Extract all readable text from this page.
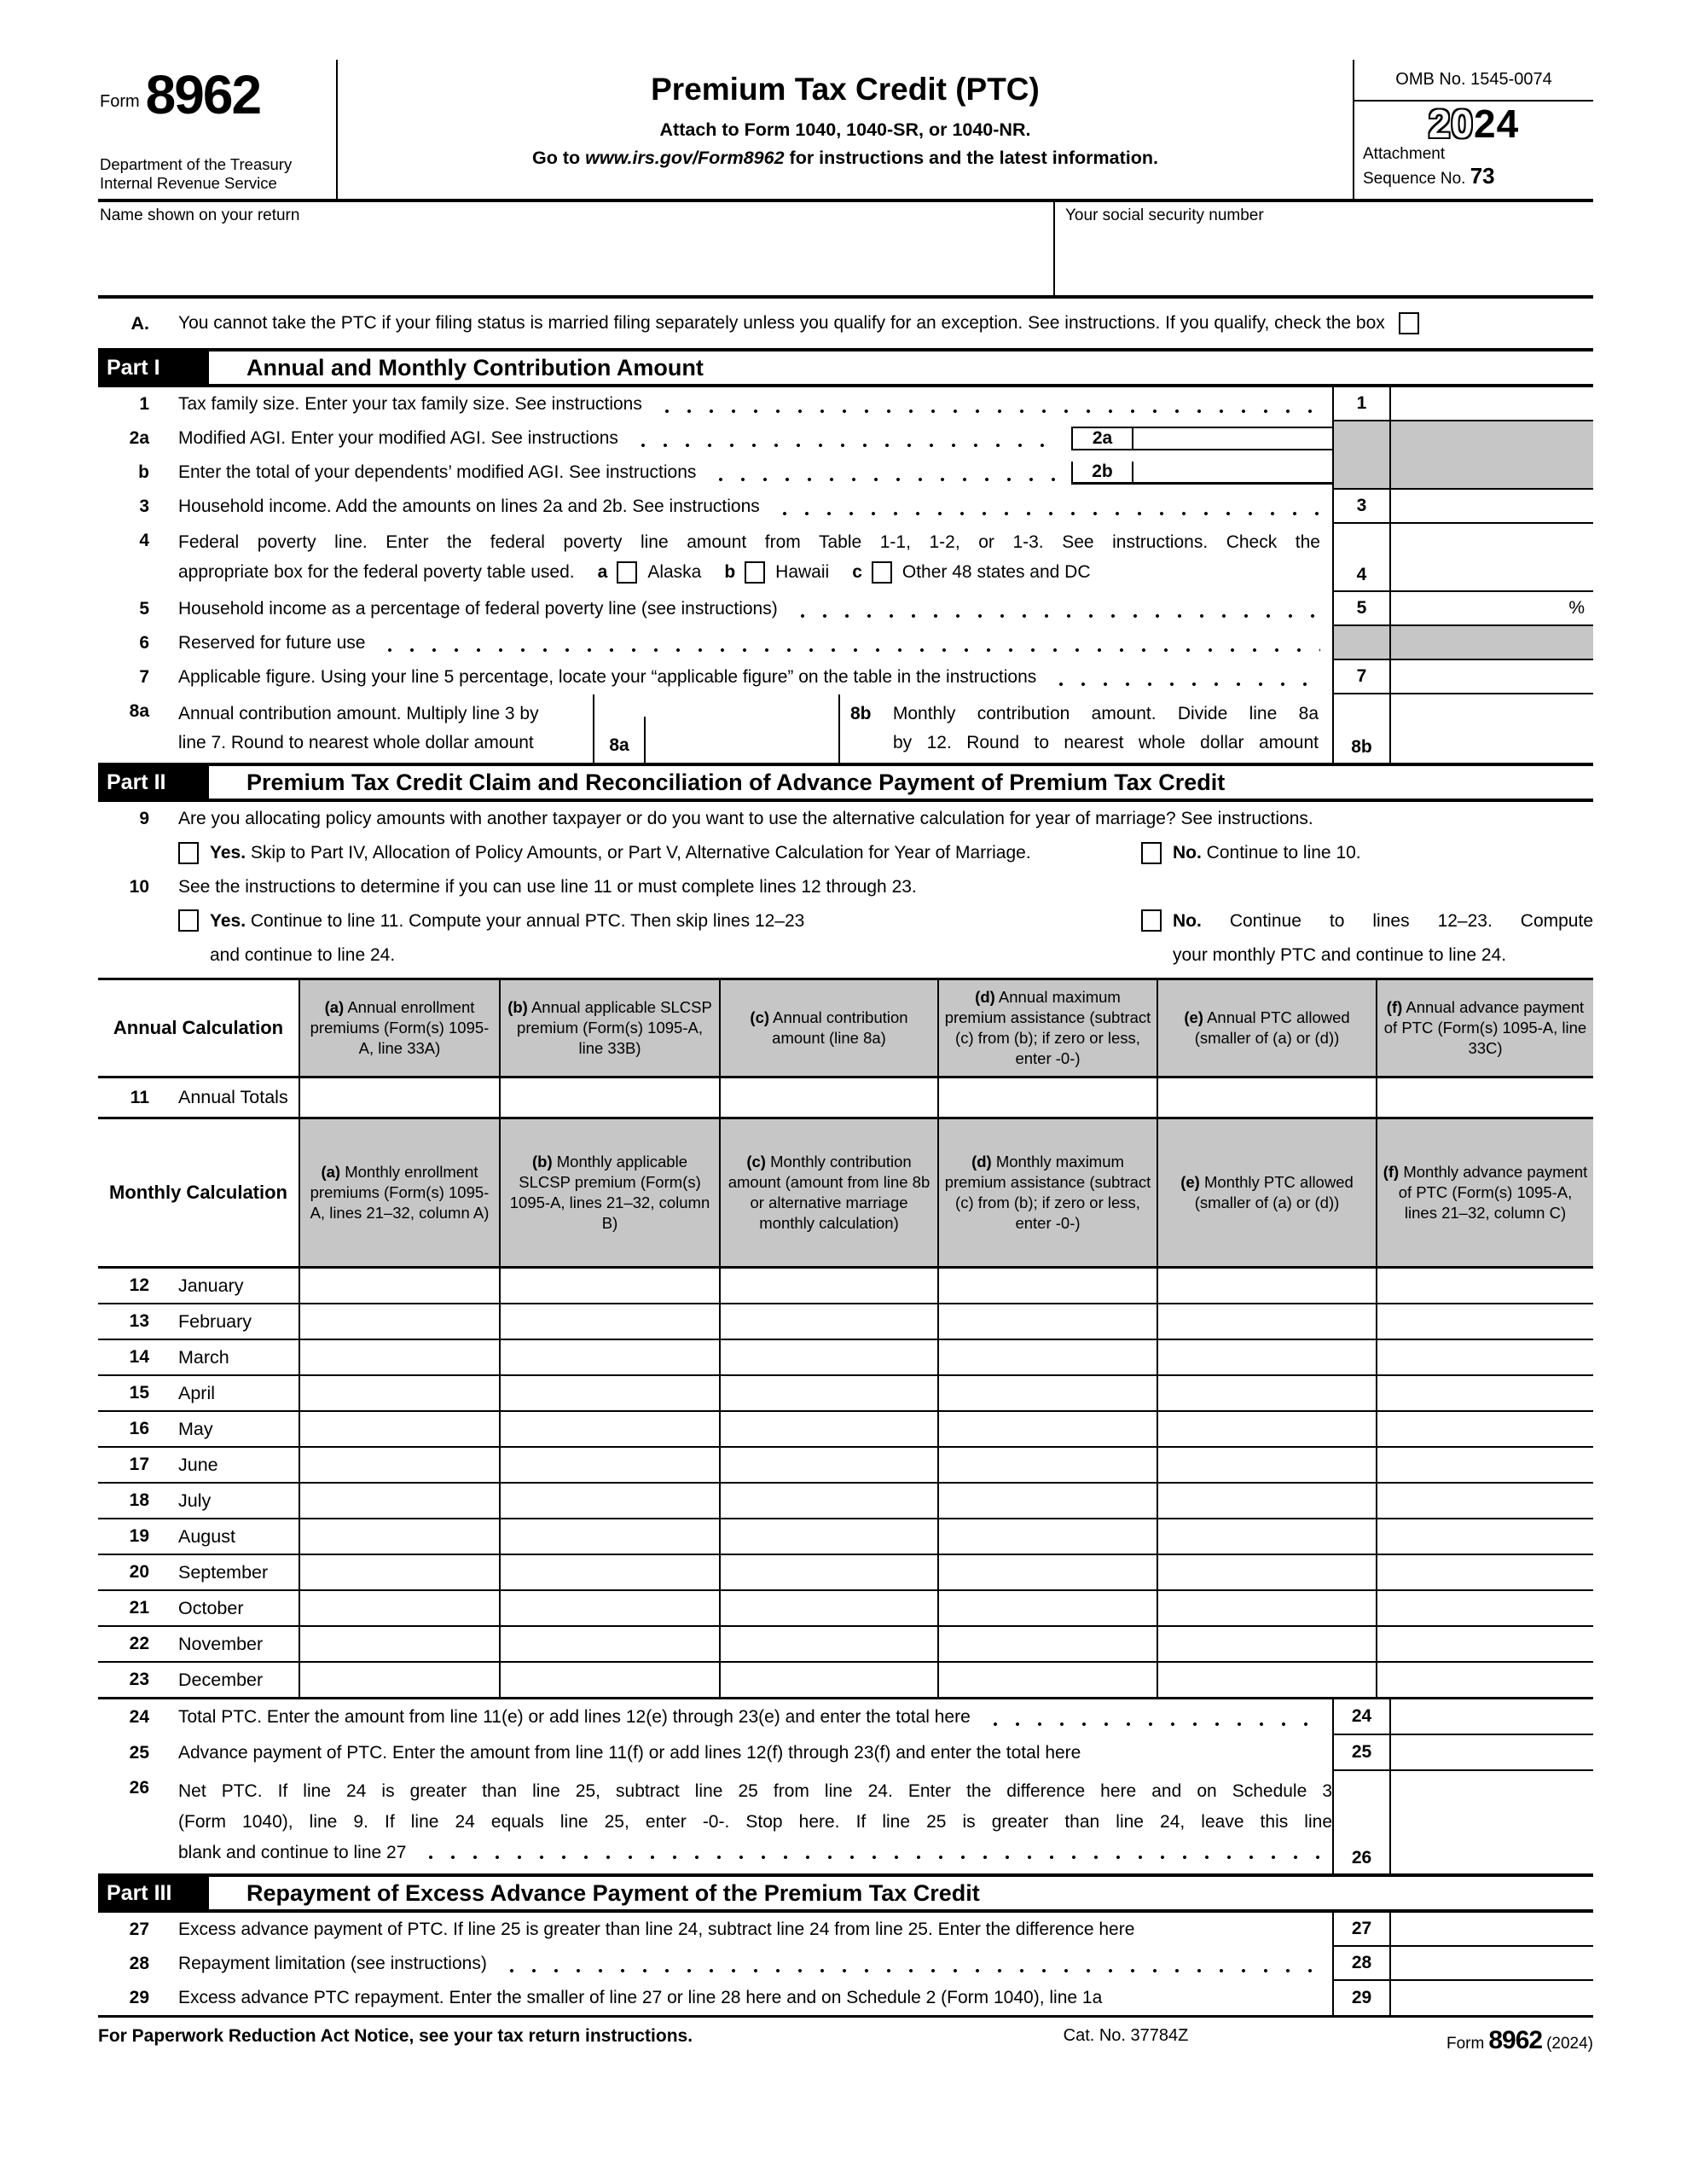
Form 8962
Department of the Treasury
Internal Revenue Service
Premium Tax Credit (PTC)
Attach to Form 1040, 1040-SR, or 1040-NR.
Go to www.irs.gov/Form8962 for instructions and the latest information.
OMB No. 1545-0074
2024
Attachment
Sequence No. 73
Name shown on your return	Your social security number
A. You cannot take the PTC if your filing status is married filing separately unless you qualify for an exception. See instructions. If you qualify, check the box
Part I	Annual and Monthly Contribution Amount
1 Tax family size. Enter your tax family size. See instructions	1
2a Modified AGI. Enter your modified AGI. See instructions	2a
b Enter the total of your dependents’ modified AGI. See instructions	2b
3 Household income. Add the amounts on lines 2a and 2b. See instructions	3
4 Federal poverty line. Enter the federal poverty line amount from Table 1-1, 1-2, or 1-3. See instructions. Check the
appropriate box for the federal poverty table used. a Alaska b Hawaii c Other 48 states and DC	4
5 Household income as a percentage of federal poverty line (see instructions)	5	%
6 Reserved for future use
7 Applicable figure. Using your line 5 percentage, locate your “applicable figure” on the table in the instructions	7
8a Annual contribution amount. Multiply line 3 by
line 7. Round to nearest whole dollar amount	8a
8b Monthly contribution amount. Divide line 8a
by 12. Round to nearest whole dollar amount	8b
Part II	Premium Tax Credit Claim and Reconciliation of Advance Payment of Premium Tax Credit
9 Are you allocating policy amounts with another taxpayer or do you want to use the alternative calculation for year of marriage? See instructions.
Yes. Skip to Part IV, Allocation of Policy Amounts, or Part V, Alternative Calculation for Year of Marriage.	No. Continue to line 10.
10 See the instructions to determine if you can use line 11 or must complete lines 12 through 23.
Yes. Continue to line 11. Compute your annual PTC. Then skip lines 12–23
and continue to line 24.
No. Continue to lines 12–23. Compute
your monthly PTC and continue to line 24.
Annual Calculation
(a) Annual enrollment premiums (Form(s) 1095-A, line 33A)
(b) Annual applicable SLCSP premium (Form(s) 1095-A, line 33B)
(c) Annual contribution amount (line 8a)
(d) Annual maximum premium assistance (subtract (c) from (b); if zero or less, enter -0-)
(e) Annual PTC allowed (smaller of (a) or (d))
(f) Annual advance payment of PTC (Form(s) 1095-A, line 33C)
11 Annual Totals
Monthly Calculation
(a) Monthly enrollment premiums (Form(s) 1095-A, lines 21–32, column A)
(b) Monthly applicable SLCSP premium (Form(s) 1095-A, lines 21–32, column B)
(c) Monthly contribution amount (amount from line 8b or alternative marriage monthly calculation)
(d) Monthly maximum premium assistance (subtract (c) from (b); if zero or less, enter -0-)
(e) Monthly PTC allowed (smaller of (a) or (d))
(f) Monthly advance payment of PTC (Form(s) 1095-A, lines 21–32, column C)
12 January
13 February
14 March
15 April
16 May
17 June
18 July
19 August
20 September
21 October
22 November
23 December
24 Total PTC. Enter the amount from line 11(e) or add lines 12(e) through 23(e) and enter the total here	24
25 Advance payment of PTC. Enter the amount from line 11(f) or add lines 12(f) through 23(f) and enter the total here	25
26 Net PTC. If line 24 is greater than line 25, subtract line 25 from line 24. Enter the difference here and on Schedule 3
(Form 1040), line 9. If line 24 equals line 25, enter -0-. Stop here. If line 25 is greater than line 24, leave this line
blank and continue to line 27	26
Part III	Repayment of Excess Advance Payment of the Premium Tax Credit
27 Excess advance payment of PTC. If line 25 is greater than line 24, subtract line 24 from line 25. Enter the difference here	27
28 Repayment limitation (see instructions)	28
29 Excess advance PTC repayment. Enter the smaller of line 27 or line 28 here and on Schedule 2 (Form 1040), line 1a	29
For Paperwork Reduction Act Notice, see your tax return instructions.	Cat. No. 37784Z	Form 8962 (2024)
